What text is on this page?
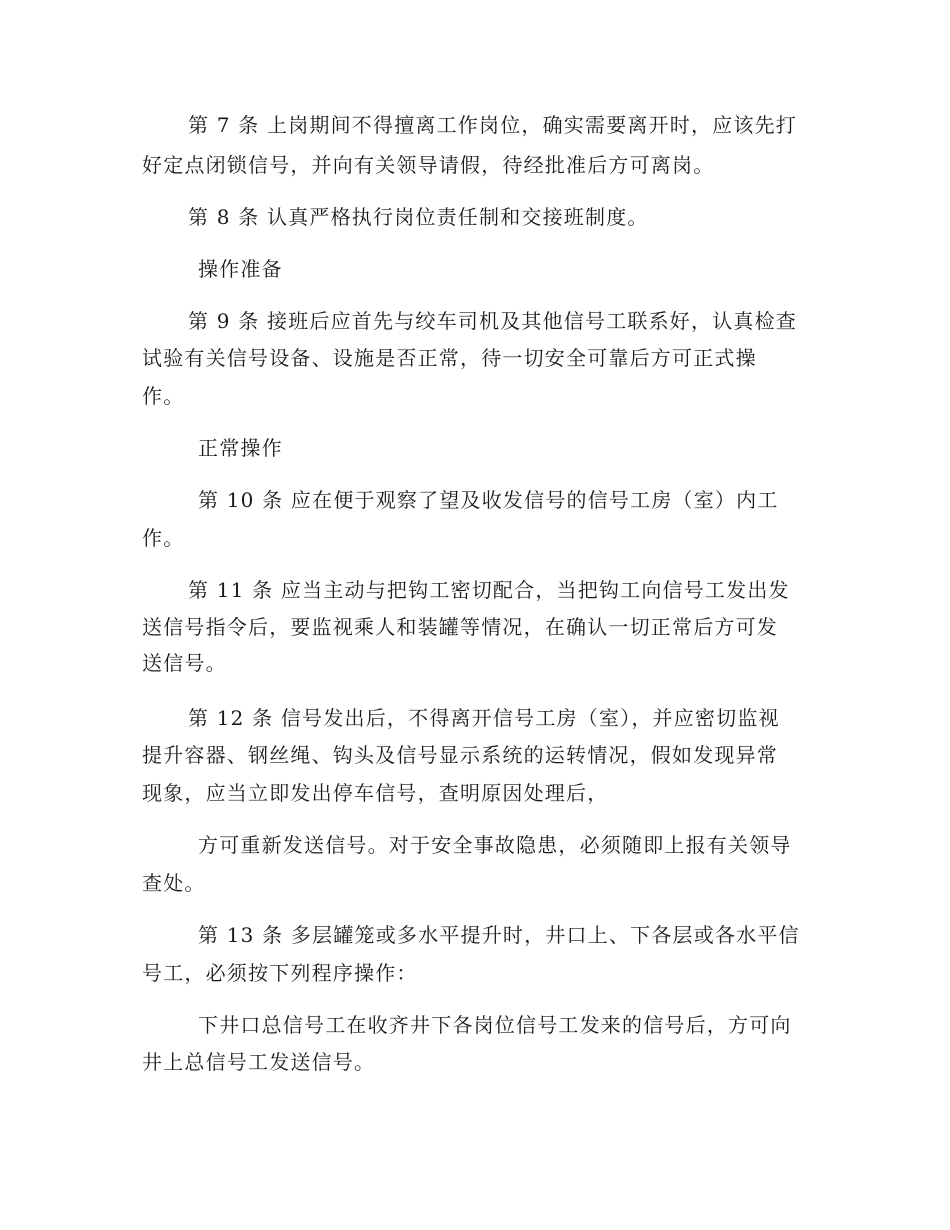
第 7 条 上岗期间不得擅离工作岗位，确实需要离开时，应该先打

好定点闭锁信号，并向有关领导请假，待经批准后方可离岗。

第 8 条 认真严格执行岗位责任制和交接班制度。

操作准备

第 9 条 接班后应首先与绞车司机及其他信号工联系好，认真检查

试验有关信号设备、设施是否正常，待一切安全可靠后方可正式操

作。

正常操作

第 10 条 应在便于观察了望及收发信号的信号工房（室）内工

作。

第 11 条 应当主动与把钩工密切配合，当把钩工向信号工发出发

送信号指令后，要监视乘人和装罐等情况，在确认一切正常后方可发

送信号。

第 12 条 信号发出后，不得离开信号工房（室），并应密切监视

提升容器、钢丝绳、钩头及信号显示系统的运转情况，假如发现异常

现象，应当立即发出停车信号，查明原因处理后，

方可重新发送信号。对于安全事故隐患，必须随即上报有关领导

查处。

第 13 条 多层罐笼或多水平提升时，井口上、下各层或各水平信

号工，必须按下列程序操作：

下井口总信号工在收齐井下各岗位信号工发来的信号后，方可向

井上总信号工发送信号。
